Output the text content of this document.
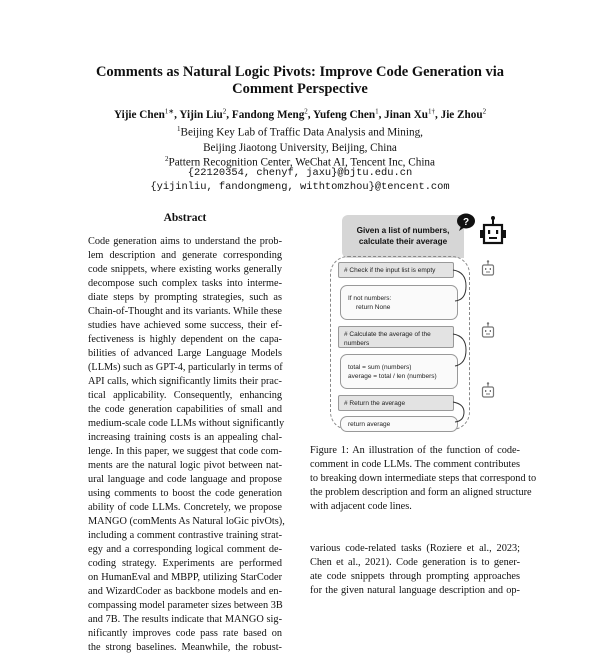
Comments as Natural Logic Pivots: Improve Code Generation via
Comment Perspective
Yijie Chen$^{1∗}$, Yijin Liu$^2$, Fandong Meng$^2$, Yufeng Chen$^1$, Jinan $Xu^{1\dagger}$, Jie Zhou$^2$
$^1$Beijing Key Lab of Traffic Data Analysis and Mining,
Beijing Jiaotong University, Beijing, China
$^2$Pattern Recognition Center, WeChat AI, Tencent Inc, China
{22120354, chenyf, jaxu}@bjtu.edu.cn
{yijinliu, fandongmeng, withtomzhou}@tencent.com
Abstract
Code generation aims to understand the prob-
lem description and generate corresponding
code snippets, where existing works generally
decompose such complex tasks into interme-
diate steps by prompting strategies, such as
Chain-of-Thought and its variants. While these
studies have achieved some success, their ef-
fectiveness is highly dependent on the capa-
bilities of advanced Large Language Models
(LLMs) such as GPT-4, particularly in terms of
API calls, which significantly limits their prac-
tical applicability. Consequently, enhancing
the code generation capabilities of small and
medium-scale code LLMs without significantly
increasing training costs is an appealing chal-
lenge. In this paper, we suggest that code com-
ments are the natural logic pivot between nat-
ural language and code language and propose
using comments to boost the code generation
ability of code LLMs. Concretely, we propose
MANGO (comMents As Natural loGic pivOts),
including a comment contrastive training strat-
egy and a corresponding logical comment de-
coding strategy. Experiments are performed
on HumanEval and MBPP, utilizing StarCoder
and WizardCoder as backbone models and en-
compassing model parameter sizes between 3B
and 7B. The results indicate that MANGO sig-
nificantly improves code pass rate based on
the strong baselines. Meanwhile, the robust-
Given a list of numbers,
calculate their average
?
# Check if the input list is empty
If not numbers:
return None
# Calculate the average of the
numbers
total = sum (numbers)
average = total / len (numbers)
# Return the average
return average
Figure 1: An illustration of the function of code-
comment in code LLMs. The comment contributes
to breaking down intermediate steps that correspond to
the problem description and form an aligned structure
with adjacent code lines.
various code-related tasks (Roziere et al., 2023;
Chen et al., 2021). Code generation is to gener-
ate code snippets through prompting approaches
for the given natural language description and op-
